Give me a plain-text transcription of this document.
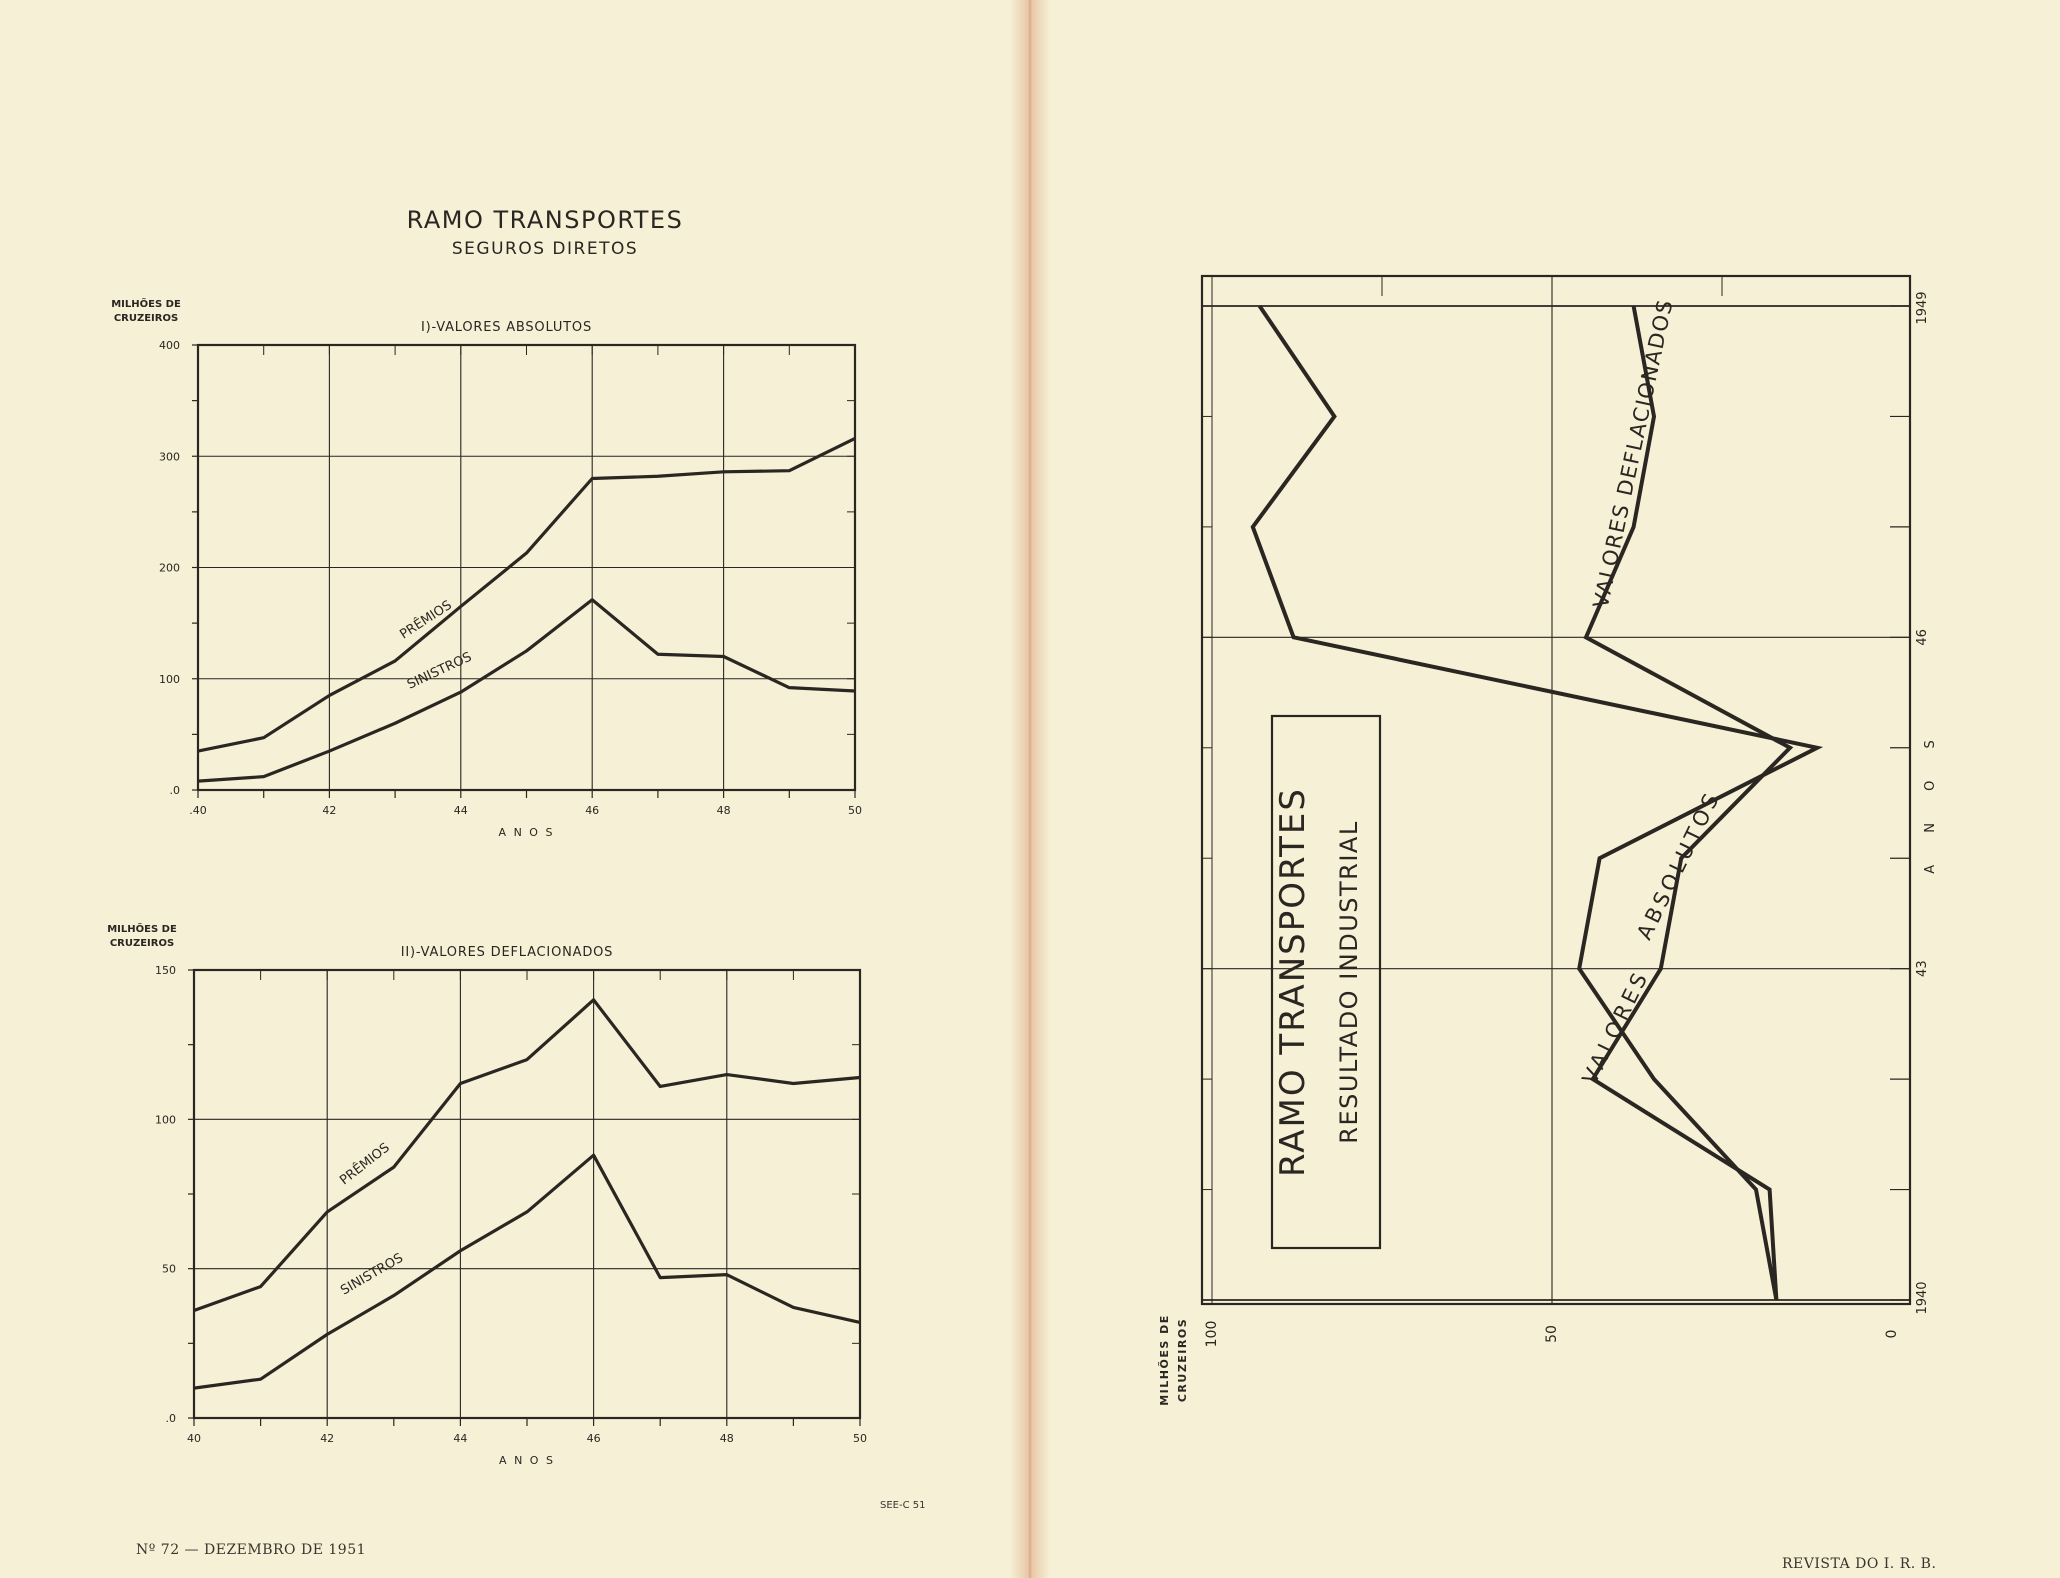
RAMO TRANSPORTES
SEGUROS DIRETOS
.40	42	44	46	48	50
.0
100
200
300
400
I)-VALORES ABSOLUTOS
MILHÕES DE
CRUZEIROS
A N O S
PRÊMIOS
SINISTROS
40	42	44	46	48	50
.0
50
100
150
II)-VALORES DEFLACIONADOS
MILHÕES DE
CRUZEIROS
A N O S
PRÊMIOS
SINISTROS	1940
43
46
1949
0
50
100
MILHÕES DE CRUZEIROS
A N O S
RAMO TRANSPORTES RESULTADO INDUSTRIAL	VALORES
ABSOLUTOS
VALORES DEFLACIONADOS
SEE-C 51
Nº 72 — DEZEMBRO DE 1951
REVISTA DO I. R. B.
